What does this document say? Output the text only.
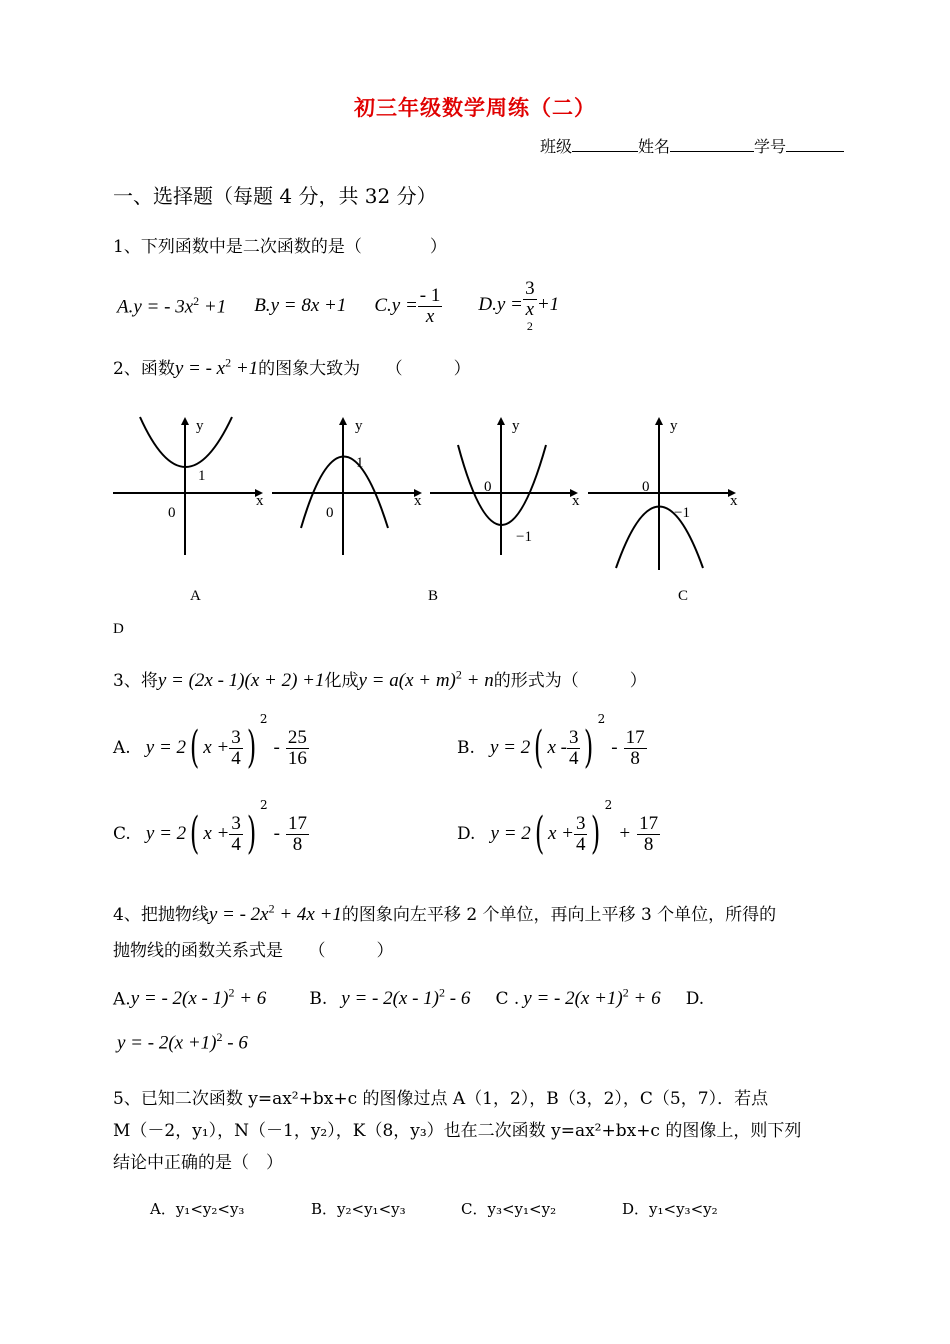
初三年级数学周练（二）
班级	姓名	学号
一、选择题（每题 4 分，共 32 分）
1、下列函数中是二次函数的是（　　　　）
A.y = - $3x^2 +1$ B.y = 8x +1 $C.y = \frac{- 1}{x} D.y = 3$
x
2 +1
2、函数y = - $x^2 +1$的图象大致为　　（　　　）
y
x
0
1
y
x
0
1
y
x
0
−1
y
x
0
−1
A	B	C
D
3、将y = (2x - 1)(x + 2) +1化成$y = a(x + m)^2 + n$的形式为（　　　）
A. y = 2( $x + \frac{3}{4} )^2- \frac{25}{16}$	B. y = 2( x - $\frac{3}{4} )^2- \frac{17}{8}$
C. y = 2( $x + \frac{3}{4} )^2- \frac{17}{8}$	D. y = 2( $x + \frac{3}{4} )^2+ \frac{17}{8}$
4、把抛物线y = - $2x^2 + 4x +1$的图象向左平移 2 个单位，再向上平移 3 个单位，所得的
抛物线的函数关系式是　　（　　　）
A.y = - 2(x - 1)$^2$ + 6	B. y = - 2(x - 1)$^2$ - 6 C . y = - $2(x +1)^2 + 6$ D.
y = - $2(x +1)^2 - 6$
5、已知二次函数 y=ax²+bx+c 的图像过点 A（1，2），B（3，2），C（5，7）．若点
M（－2，y₁），N（－1，y₂），K（8，y₃）也在二次函数 y=ax²+bx+c 的图像上，则下列
结论中正确的是（　）
A．y₁<y₂<y₃	B．y₂<y₁<y₃	C．y₃<y₁<y₂	D．y₁<y₃<y₂
